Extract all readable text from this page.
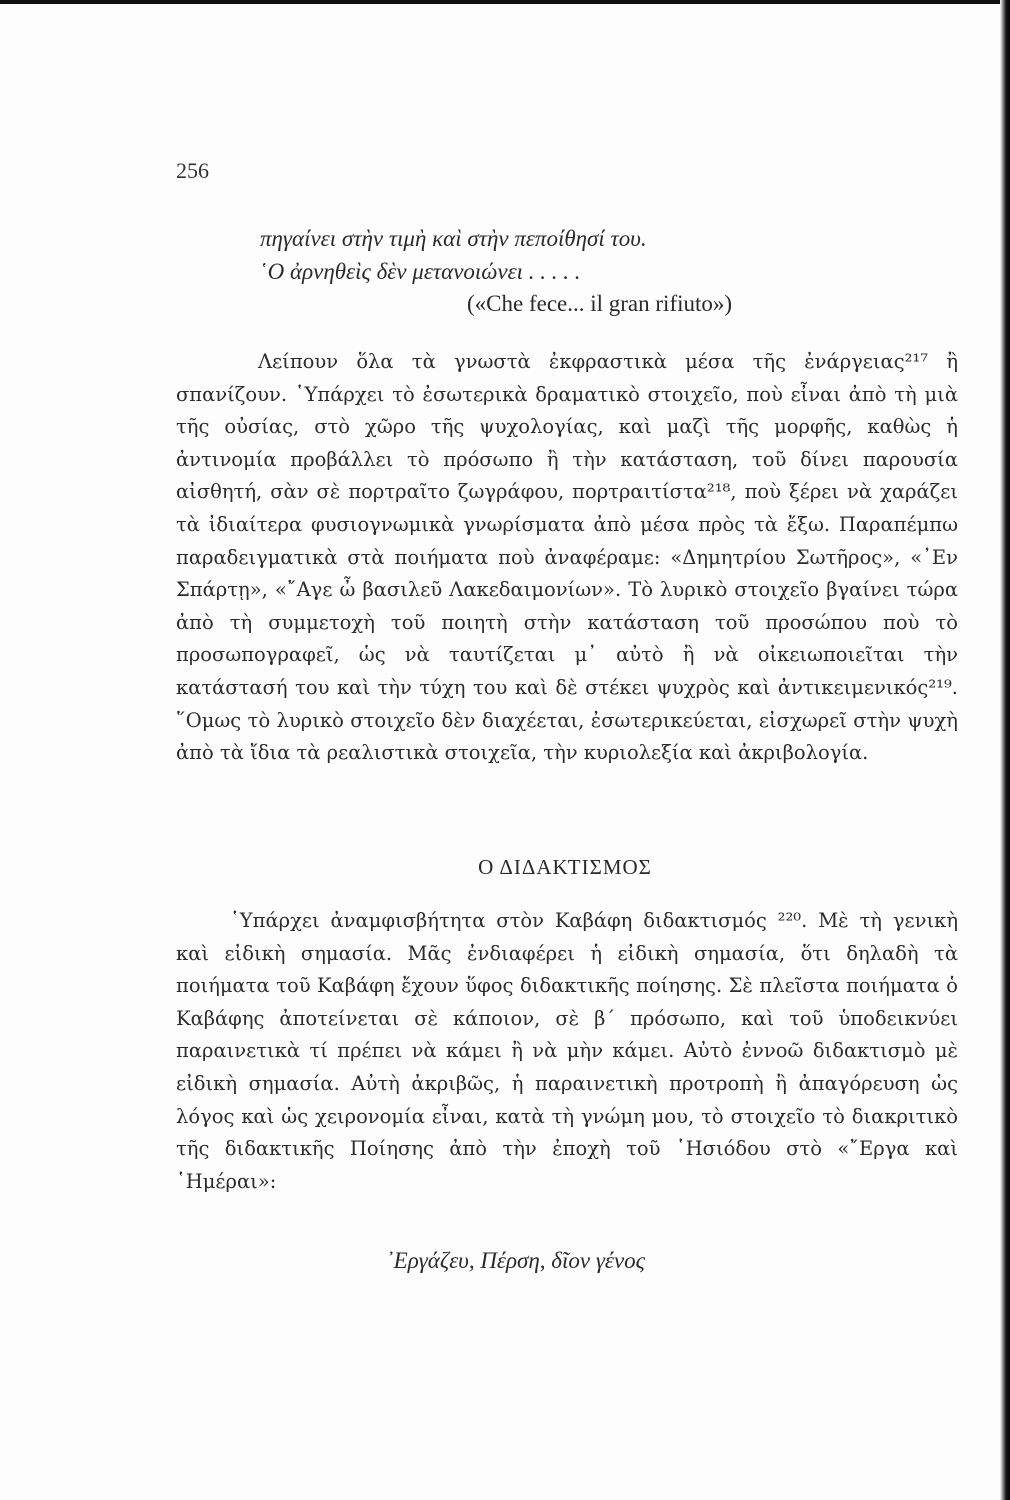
256
πηγαίνει στὴν τιμὴ καὶ στὴν πεποίθησί του.
῾Ο ἀρνηθεὶς δὲν μετανοιώνει . . . . .
(«Che fece... il gran rifiuto»)
Λείπουν ὅλα τὰ γνωστὰ ἐκφραστικὰ μέσα τῆς ἐνάργειας²¹⁷ ἢ σπανίζουν. ῾Υπάρχει τὸ ἐσωτερικὰ δραματικὸ στοιχεῖο, ποὺ εἶναι ἀπὸ τὴ μιὰ τῆς οὐσίας, στὸ χῶρο τῆς ψυχολογίας, καὶ μαζὶ τῆς μορφῆς, καθὼς ἡ ἀντινομία προβάλλει τὸ πρόσωπο ἢ τὴν κατάσταση, τοῦ δίνει παρουσία αἰσθητή, σὰν σὲ πορτραῖτο ζωγράφου, πορτραιτίστα²¹⁸, ποὺ ξέρει νὰ χαράζει τὰ ἰδιαίτερα φυσιογνωμικὰ γνωρίσματα ἀπὸ μέσα πρὸς τὰ ἔξω. Παραπέμπω παραδειγματικὰ στὰ ποιήματα ποὺ ἀναφέραμε: «Δημητρίου Σωτῆρος», «᾿Εν Σπάρτῃ», «῎Αγε ὦ βασιλεῦ Λακεδαιμονίων». Τὸ λυρικὸ στοιχεῖο βγαίνει τώρα ἀπὸ τὴ συμμετοχὴ τοῦ ποιητὴ στὴν κατάσταση τοῦ προσώπου ποὺ τὸ προσωπογραφεῖ, ὡς νὰ ταυτίζεται μ᾿ αὐτὸ ἢ νὰ οἰκειωποιεῖται τὴν κατάστασή του καὶ τὴν τύχη του καὶ δὲ στέκει ψυχρὸς καὶ ἀντικειμενικός²¹⁹. ῞Ομως τὸ λυρικὸ στοιχεῖο δὲν διαχέεται, ἐσωτερικεύεται, εἰσχωρεῖ στὴν ψυχὴ ἀπὸ τὰ ἴδια τὰ ρεαλιστικὰ στοιχεῖα, τὴν κυριολεξία καὶ ἀκριβολογία.
Ο ΔΙΔΑΚΤΙΣΜΟΣ
῾Υπάρχει ἀναμφισβήτητα στὸν Καβάφη διδακτισμός ²²⁰. Μὲ τὴ γενικὴ καὶ εἰδικὴ σημασία. Μᾶς ἐνδιαφέρει ἡ εἰδικὴ σημασία, ὅτι δηλαδὴ τὰ ποιήματα τοῦ Καβάφη ἔχουν ὕφος διδακτικῆς ποίησης. Σὲ πλεῖστα ποιήματα ὁ Καβάφης ἀποτείνεται σὲ κάποιον, σὲ β΄ πρόσωπο, καὶ τοῦ ὑποδεικνύει παραινετικὰ τί πρέπει νὰ κάμει ἢ νὰ μὴν κάμει. Αὐτὸ ἐννοῶ διδακτισμὸ μὲ εἰδικὴ σημασία. Αὐτὴ ἀκριβῶς, ἡ παραινετικὴ προτροπὴ ἢ ἀπαγόρευση ὡς λόγος καὶ ὡς χειρονομία εἶναι, κατὰ τὴ γνώμη μου, τὸ στοιχεῖο τὸ διακριτικὸ τῆς διδακτικῆς Ποίησης ἀπὸ τὴν ἐποχὴ τοῦ ῾Ησιόδου στὸ «῎Εργα καὶ ῾Ημέραι»:
᾿Εργάζευ, Πέρση, δῖον γένος
